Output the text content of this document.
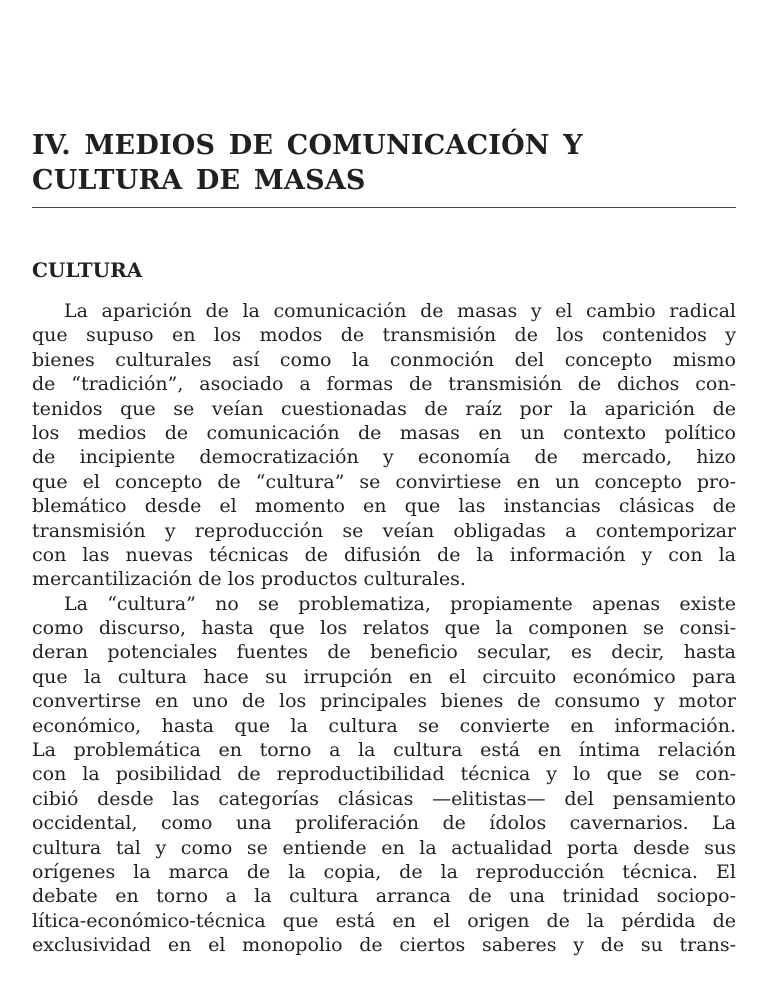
IV. MEDIOS DE COMUNICACIÓN Y
CULTURA DE MASAS
CULTURA
La aparición de la comunicación de masas y el cambio radical
que supuso en los modos de transmisión de los contenidos y
bienes culturales así como la conmoción del concepto mismo
de “tradición”, asociado a formas de transmisión de dichos con-
tenidos que se veían cuestionadas de raíz por la aparición de
los medios de comunicación de masas en un contexto político
de incipiente democratización y economía de mercado, hizo
que el concepto de “cultura” se convirtiese en un concepto pro-
blemático desde el momento en que las instancias clásicas de
transmisión y reproducción se veían obligadas a contemporizar
con las nuevas técnicas de difusión de la información y con la
mercantilización de los productos culturales.
La “cultura” no se problematiza, propiamente apenas existe
como discurso, hasta que los relatos que la componen se consi-
deran potenciales fuentes de beneficio secular, es decir, hasta
que la cultura hace su irrupción en el circuito económico para
convertirse en uno de los principales bienes de consumo y motor
económico, hasta que la cultura se convierte en información.
La problemática en torno a la cultura está en íntima relación
con la posibilidad de reproductibilidad técnica y lo que se con-
cibió desde las categorías clásicas —elitistas— del pensamiento
occidental, como una proliferación de ídolos cavernarios. La
cultura tal y como se entiende en la actualidad porta desde sus
orígenes la marca de la copia, de la reproducción técnica. El
debate en torno a la cultura arranca de una trinidad sociopo-
lítica-económico-técnica que está en el origen de la pérdida de
exclusividad en el monopolio de ciertos saberes y de su trans-
